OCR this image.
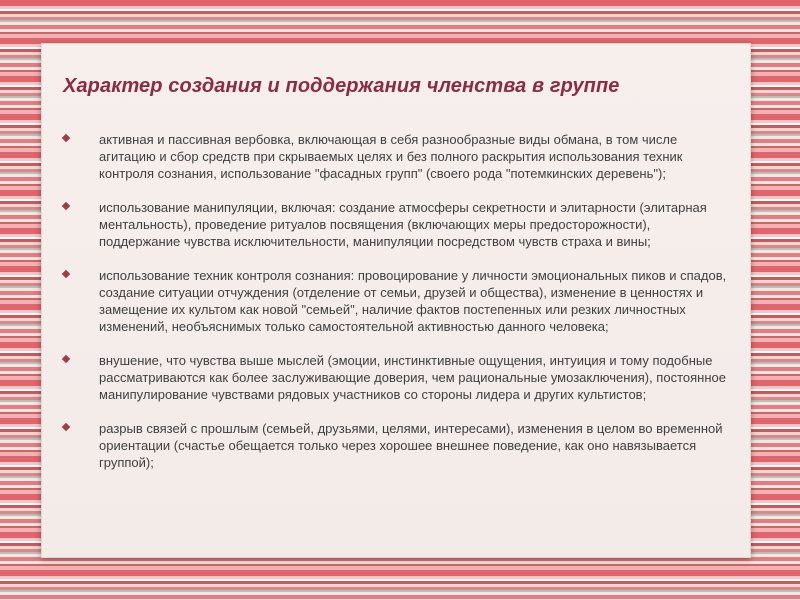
Характер создания и поддержания членства в группе
активная и пассивная вербовка, включающая в себя разнообразные виды обмана, в том числе агитацию и сбор средств при скрываемых целях и без полного раскрытия использования техник контроля сознания, использование "фасадных групп" (своего рода "потемкинских деревень");
использование манипуляции, включая: создание атмосферы секретности и элитарности (элитарная ментальность), проведение ритуалов посвящения (включающих меры предосторожности), поддержание чувства исключительности, манипуляции посредством чувств страха и вины;
использование техник контроля сознания: провоцирование у личности эмоциональных пиков и спадов, создание ситуации отчуждения (отделение от семьи, друзей и общества), изменение в ценностях и замещение их культом как новой "семьей", наличие фактов постепенных или резких личностных изменений, необъяснимых только самостоятельной активностью данного человека;
внушение, что чувства выше мыслей (эмоции, инстинктивные ощущения, интуиция и тому подобные рассматриваются как более заслуживающие доверия, чем рациональные умозаключения), постоянное манипулирование чувствами рядовых участников со стороны лидера и других культистов;
разрыв связей с прошлым (семьей, друзьями, целями, интересами), изменения в целом во временной ориентации (счастье обещается только через хорошее внешнее поведение, как оно навязывается группой);
